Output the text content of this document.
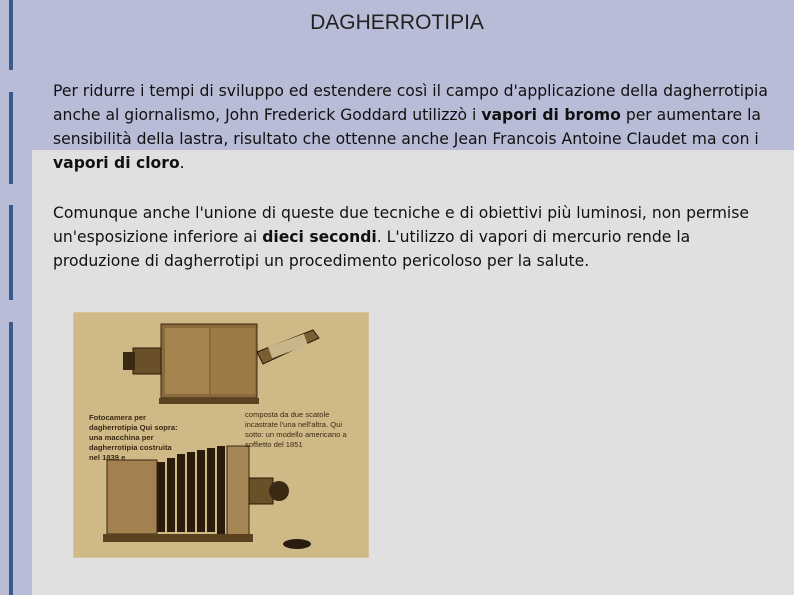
DAGHERROTIPIA

Per ridurre i tempi di sviluppo ed estendere così il campo d'applicazione della dagherrotipia anche al giornalismo, John Frederick Goddard utilizzò i vapori di bromo per aumentare la sensibilità della lastra, risultato che ottenne anche Jean Francois Antoine Claudet ma con i vapori di cloro.

Comunque anche l'unione di queste due tecniche e di obiettivi più luminosi, non permise un'esposizione inferiore ai dieci secondi. L'utilizzo di vapori di mercurio rende la produzione di dagherrotipi un procedimento pericoloso per la salute.

Fotocamera per dagherrotipia Qui sopra: una macchina per dagherrotipia costruita nel 1839 e
composta da due scatole incastrate l'una nell'altra. Qui sotto: un modello americano a soffietto del 1851
